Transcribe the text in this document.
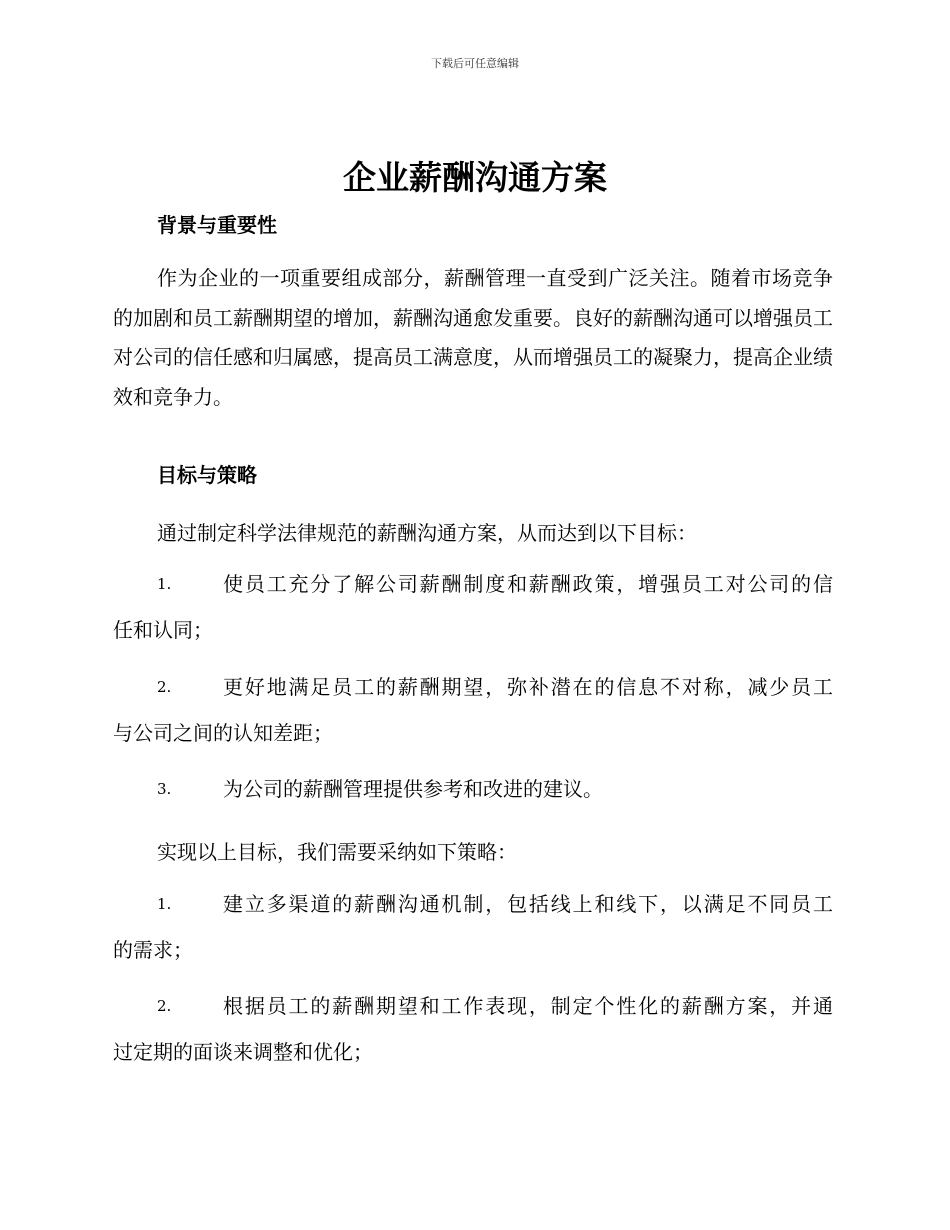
下载后可任意编辑
企业薪酬沟通方案
背景与重要性
作为企业的一项重要组成部分，薪酬管理一直受到广泛关注。随着市场竞争的加剧和员工薪酬期望的增加，薪酬沟通愈发重要。良好的薪酬沟通可以增强员工对公司的信任感和归属感，提高员工满意度，从而增强员工的凝聚力，提高企业绩效和竞争力。
目标与策略
通过制定科学法律规范的薪酬沟通方案，从而达到以下目标：
1.	使员工充分了解公司薪酬制度和薪酬政策，增强员工对公司的信
任和认同；
2.	更好地满足员工的薪酬期望，弥补潜在的信息不对称，减少员工
与公司之间的认知差距；
3.	为公司的薪酬管理提供参考和改进的建议。
实现以上目标，我们需要采纳如下策略：
1.	建立多渠道的薪酬沟通机制，包括线上和线下，以满足不同员工
的需求；
2.	根据员工的薪酬期望和工作表现，制定个性化的薪酬方案，并通
过定期的面谈来调整和优化；
